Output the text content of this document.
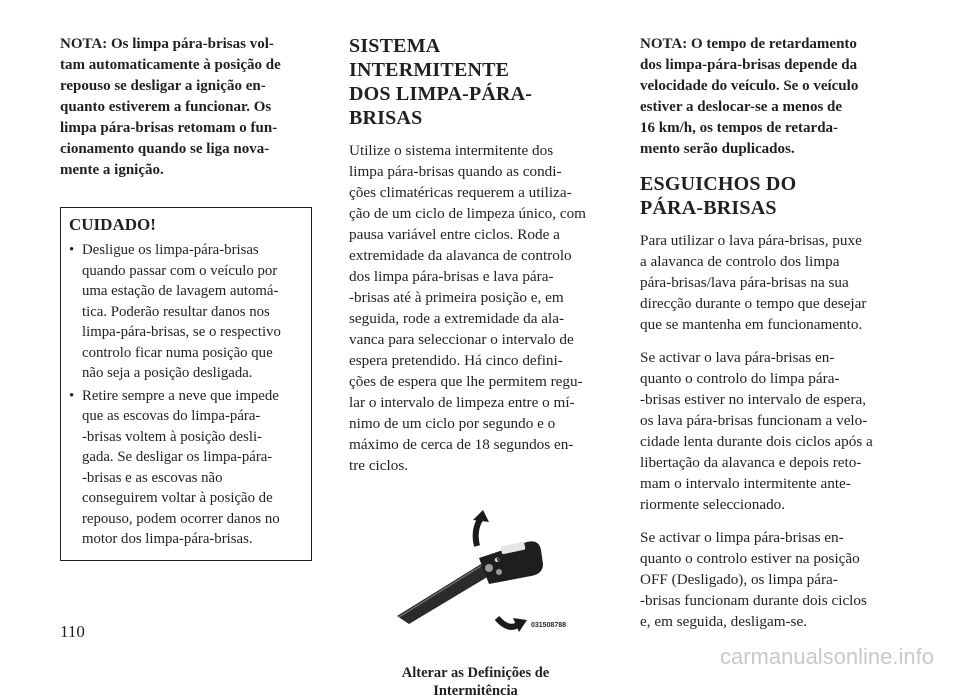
NOTA: Os limpa pára-brisas vol-
tam automaticamente à posição de
repouso se desligar a ignição en-
quanto estiverem a funcionar. Os
limpa pára-brisas retomam o fun-
cionamento quando se liga nova-
mente a ignição.

CUIDADO!
• Desligue os limpa-pára-brisas
quando passar com o veículo por
uma estação de lavagem automá-
tica. Poderão resultar danos nos
limpa-pára-brisas, se o respectivo
controlo ficar numa posição que
não seja a posição desligada.
• Retire sempre a neve que impede
que as escovas do limpa-pára-
-brisas voltem à posição desli-
gada. Se desligar os limpa-pára-
-brisas e as escovas não
conseguirem voltar à posição de
repouso, podem ocorrer danos no
motor dos limpa-pára-brisas.
SISTEMA INTERMITENTE
DOS LIMPA-PÁRA-BRISAS

Utilize o sistema intermitente dos
limpa pára-brisas quando as condi-
ções climatéricas requerem a utiliza-
ção de um ciclo de limpeza único, com
pausa variável entre ciclos. Rode a
extremidade da alavanca de controlo
dos limpa pára-brisas e lava pára-
-brisas até à primeira posição e, em
seguida, rode a extremidade da ala-
vanca para seleccionar o intervalo de
espera pretendido. Há cinco defini-
ções de espera que lhe permitem regu-
lar o intervalo de limpeza entre o mí-
nimo de um ciclo por segundo e o
máximo de cerca de 18 segundos en-
tre ciclos.

◐
031508788
Alterar as Definições de
Intermitência

NOTA: O tempo de retardamento
dos limpa-pára-brisas depende da
velocidade do veículo. Se o veículo
estiver a deslocar-se a menos de
16 km/h, os tempos de retarda-
mento serão duplicados.

ESGUICHOS DO
PÁRA-BRISAS

Para utilizar o lava pára-brisas, puxe
a alavanca de controlo dos limpa
pára-brisas/lava pára-brisas na sua
direcção durante o tempo que desejar
que se mantenha em funcionamento.

Se activar o lava pára-brisas en-
quanto o controlo do limpa pára-
-brisas estiver no intervalo de espera,
os lava pára-brisas funcionam a velo-
cidade lenta durante dois ciclos após a
libertação da alavanca e depois reto-
mam o intervalo intermitente ante-
riormente seleccionado.

Se activar o limpa pára-brisas en-
quanto o controlo estiver na posição
OFF (Desligado), os limpa pára-
-brisas funcionam durante dois ciclos
e, em seguida, desligam-se.

110
carmanualsonline.info
